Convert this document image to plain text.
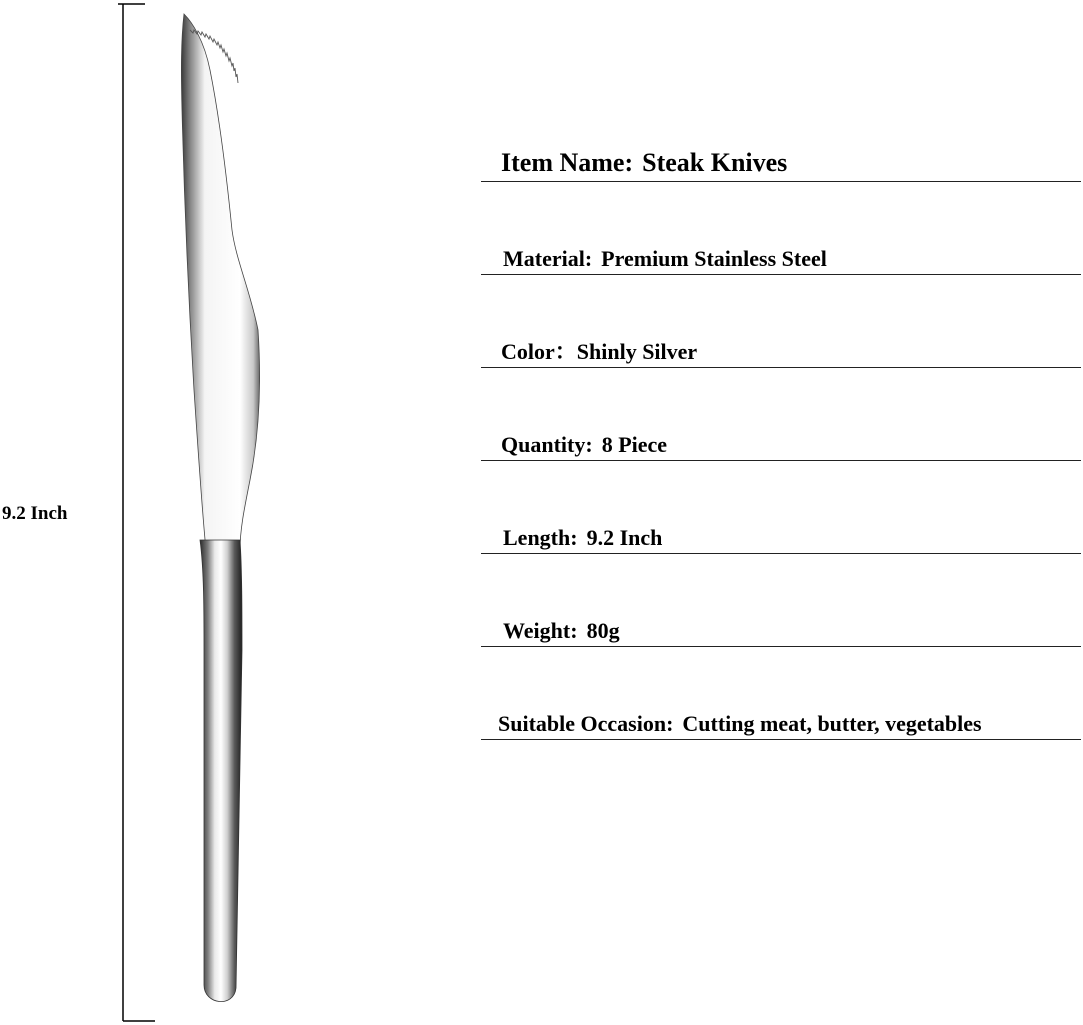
9.2 Inch
Item Name: Steak Knives
Material: Premium Stainless Steel
Color：Shinly Silver
Quantity: 8 Piece
Length: 9.2 Inch
Weight: 80g
Suitable Occasion: Cutting meat, butter, vegetables
